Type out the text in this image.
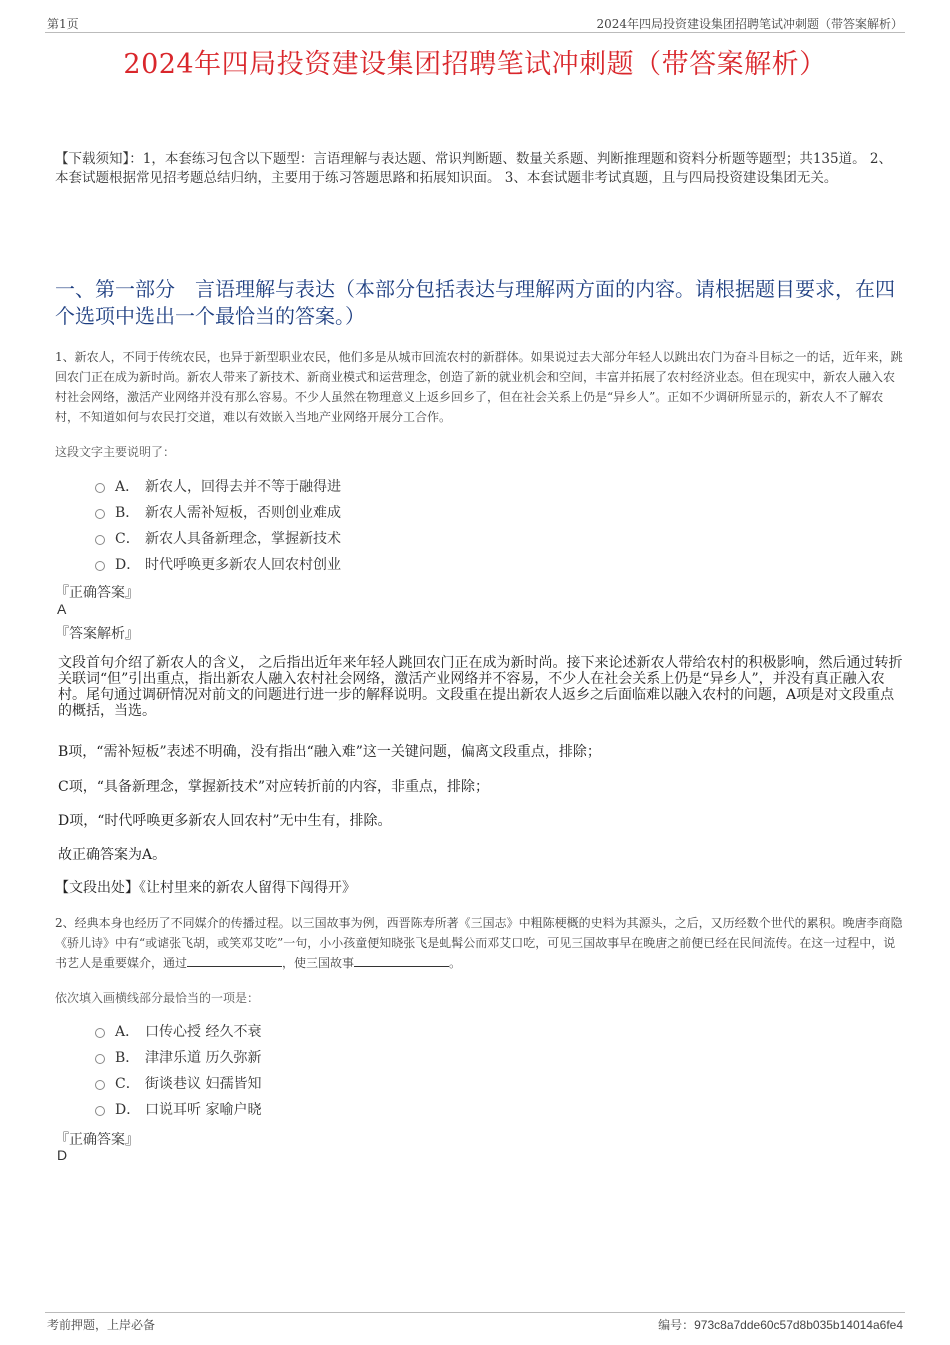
第1页	2024年四局投资建设集团招聘笔试冲刺题（带答案解析）
2024年四局投资建设集团招聘笔试冲刺题（带答案解析）

【下载须知】：1，本套练习包含以下题型：言语理解与表达题、常识判断题、数量关系题、判断推理题和资料分析题等题型；共135道。 2、本套试题根据常见招考题总结归纳，主要用于练习答题思路和拓展知识面。 3、本套试题非考试真题，且与四局投资建设集团无关。

一、第一部分　言语理解与表达（本部分包括表达与理解两方面的内容。请根据题目要求，在四个选项中选出一个最恰当的答案。）

1、新农人，不同于传统农民，也异于新型职业农民，他们多是从城市回流农村的新群体。如果说过去大部分年轻人以跳出农门为奋斗目标之一的话，近年来，跳回农门正在成为新时尚。新农人带来了新技术、新商业模式和运营理念，创造了新的就业机会和空间，丰富并拓展了农村经济业态。但在现实中，新农人融入农村社会网络，激活产业网络并没有那么容易。不少人虽然在物理意义上返乡回乡了，但在社会关系上仍是“异乡人”。正如不少调研所显示的，新农人不了解农村，不知道如何与农民打交道，难以有效嵌入当地产业网络开展分工合作。

这段文字主要说明了：

A． 新农人，回得去并不等于融得进
B． 新农人需补短板，否则创业难成
C． 新农人具备新理念，掌握新技术
D． 时代呼唤更多新农人回农村创业

『正确答案』

A

『答案解析』

文段首句介绍了新农人的含义， 之后指出近年来年轻人跳回农门正在成为新时尚。接下来论述新农人带给农村的积极影响，然后通过转折关联词“但”引出重点，指出新农人融入农村社会网络，激活产业网络并不容易，不少人在社会关系上仍是“异乡人”，并没有真正融入农村。尾句通过调研情况对前文的问题进行进一步的解释说明。文段重在提出新农人返乡之后面临难以融入农村的问题，A项是对文段重点的概括，当选。

B项，“需补短板”表述不明确，没有指出“融入难”这一关键问题，偏离文段重点，排除；

C项，“具备新理念，掌握新技术”对应转折前的内容，非重点，排除；

D项，“时代呼唤更多新农人回农村”无中生有，排除。

故正确答案为A。

【文段出处】《让村里来的新农人留得下闯得开》

2、经典本身也经历了不同媒介的传播过程。以三国故事为例，西晋陈寿所著《三国志》中粗陈梗概的史料为其源头，之后，又历经数个世代的累积。晚唐李商隐《骄儿诗》中有“或谑张飞胡，或笑邓艾吃”一句，小小孩童便知晓张飞是虬髯公而邓艾口吃，可见三国故事早在晚唐之前便已经在民间流传。在这一过程中，说书艺人是重要媒介，通过	，使三国故事	。

依次填入画横线部分最恰当的一项是：

A． 口传心授 经久不衰
B． 津津乐道 历久弥新
C． 街谈巷议 妇孺皆知
D． 口说耳听 家喻户晓

『正确答案』

D

考前押题，上岸必备	编号：973c8a7dde60c57d8b035b14014a6fe4
